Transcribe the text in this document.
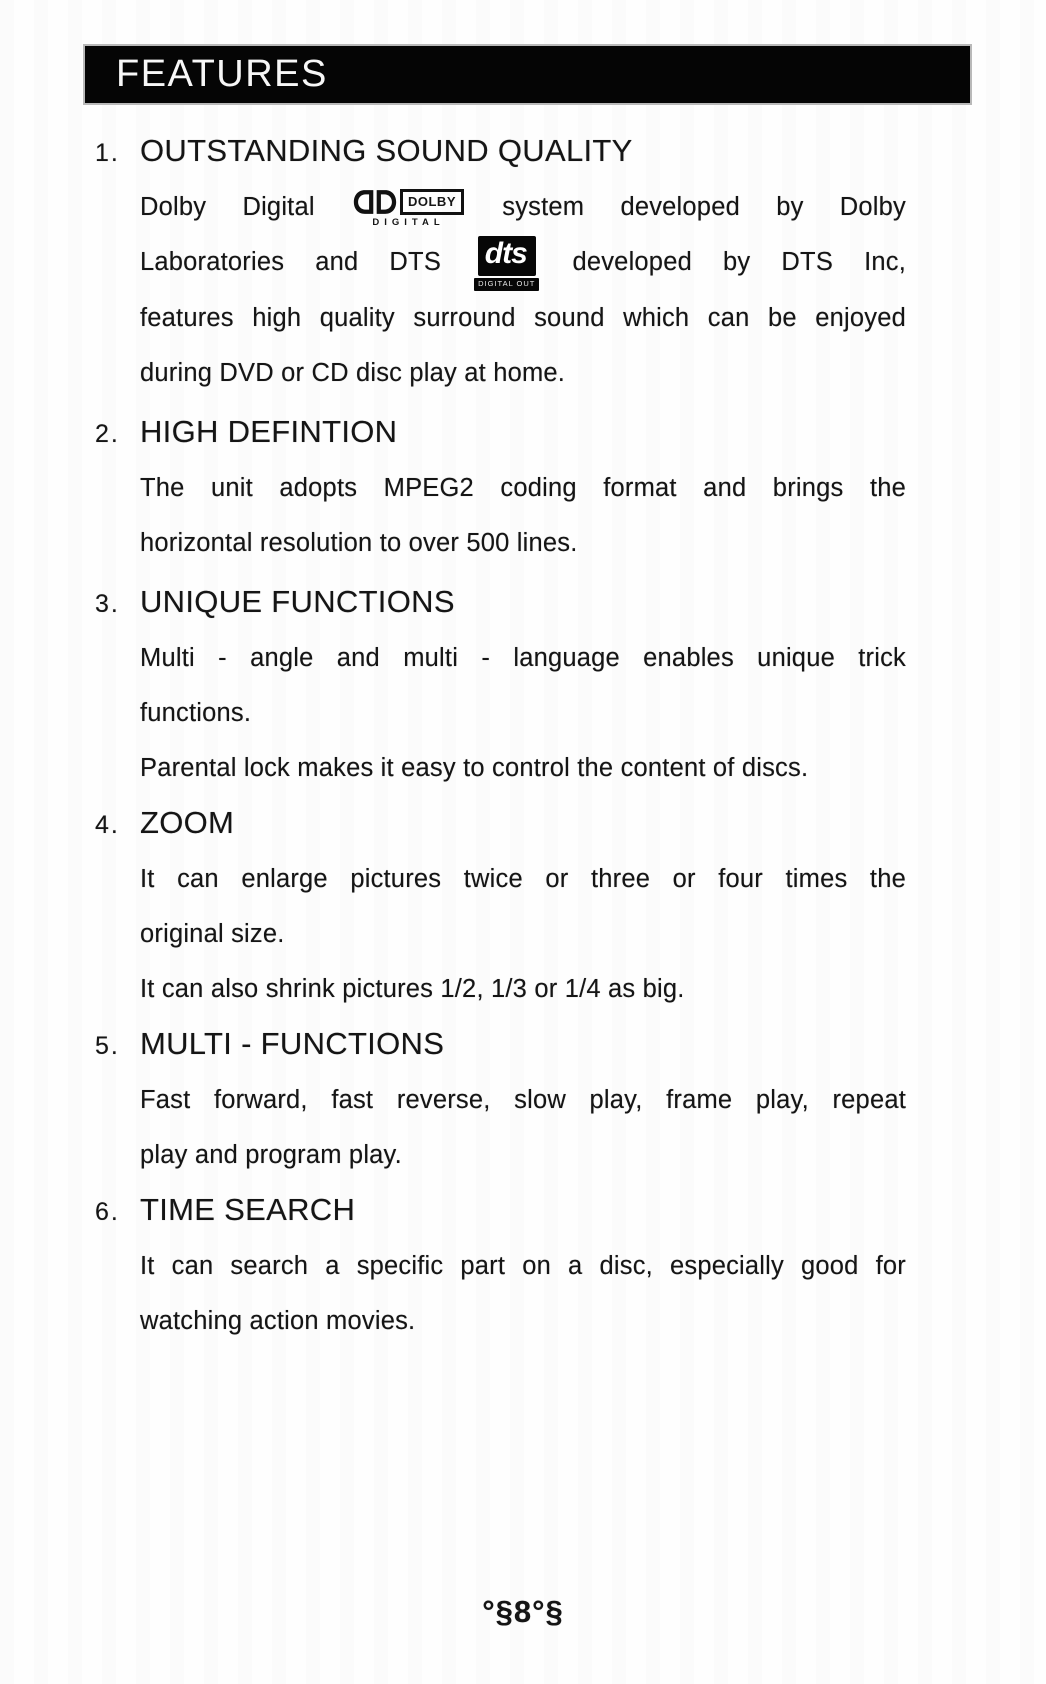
FEATURES
1. OUTSTANDING SOUND QUALITY
Dolby Digital	DOLBY
DIGITAL
system developed by Dolby
Laboratories and DTS dts
DIGITAL OUT
developed by DTS Inc,
features high quality surround sound which can be enjoyed
during DVD or CD disc play at home.
2. HIGH DEFINTION
The unit adopts MPEG2 coding format and brings the
horizontal resolution to over 500 lines.
3. UNIQUE FUNCTIONS
Multi - angle and multi - language enables unique trick
functions.
Parental lock makes it easy to control the content of discs.
4. ZOOM
It can enlarge pictures twice or three or four times the
original size.
It can also shrink pictures 1/2, 1/3 or 1/4 as big.
5. MULTI - FUNCTIONS
Fast forward, fast reverse, slow play, frame play, repeat
play and program play.
6. TIME SEARCH
It can search a specific part on a disc, especially good for
watching action movies.
°§8°§
